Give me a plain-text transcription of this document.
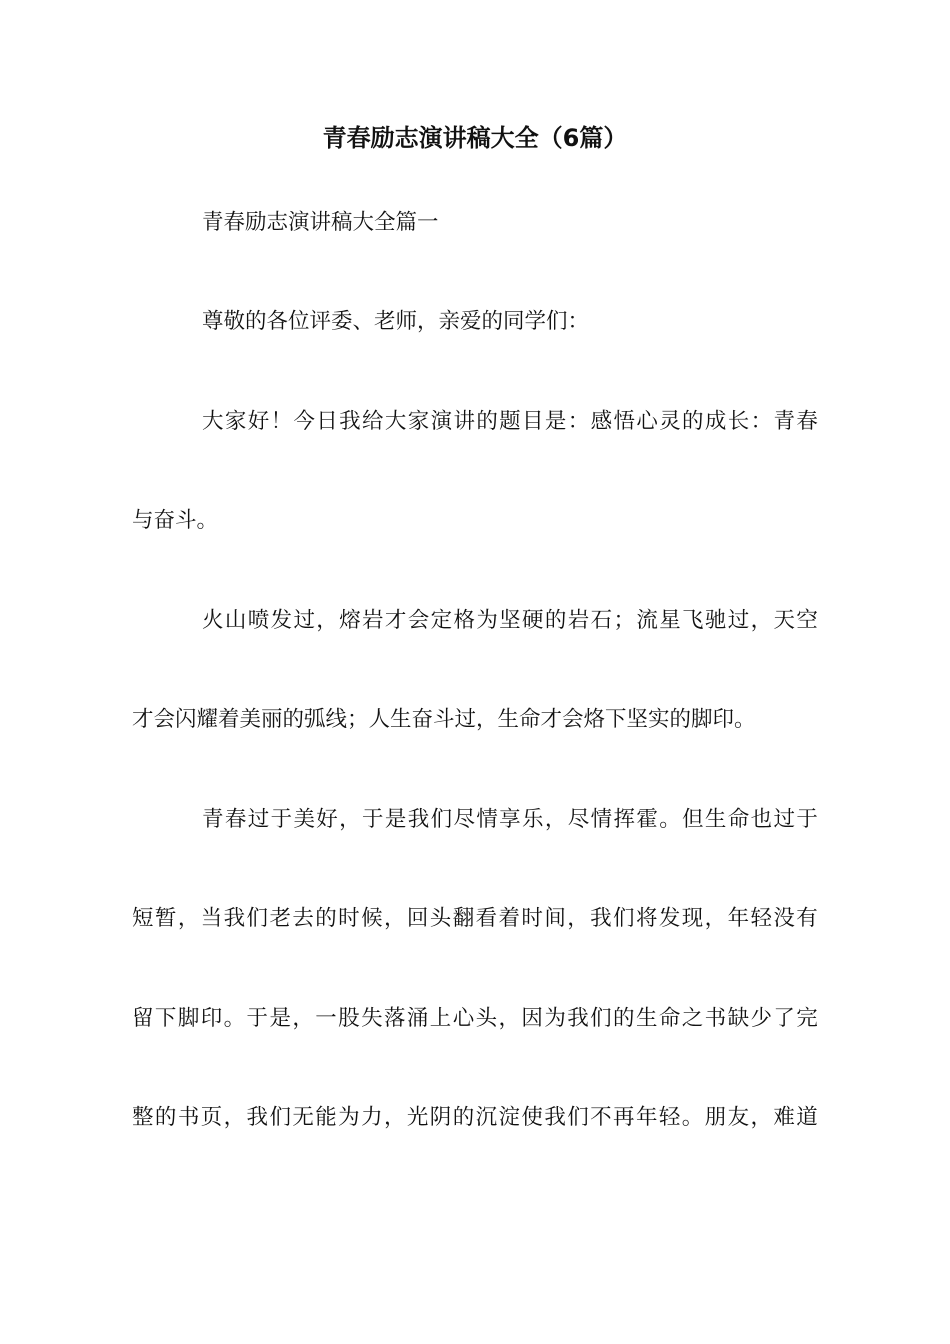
青春励志演讲稿大全（6篇）

青春励志演讲稿大全篇一

尊敬的各位评委、老师，亲爱的同学们：

大 家 好 ！ 今 日 我 给 大 家 演 讲 的 题 目 是 ： 感 悟 心 灵 的 成 长 ： 青 春

与奋斗。

火 山 喷 发 过 ， 熔 岩 才 会 定 格 为 坚 硬 的 岩 石 ； 流 星 飞 驰 过 ， 天 空

才会闪耀着美丽的弧线；人生奋斗过，生命才会烙下坚实的脚印。

青 春 过 于 美 好 ， 于 是 我 们 尽 情 享 乐 ， 尽 情 挥 霍 。 但 生 命 也 过 于

短 暂 ， 当 我 们 老 去 的 时 候 ， 回 头 翻 看 着 时 间 ， 我 们 将 发 现 ， 年 轻 没 有

留 下 脚 印 。 于 是 ， 一 股 失 落 涌 上 心 头 ， 因 为 我 们 的 生 命 之 书 缺 少 了 完

整 的 书 页 ， 我 们 无 能 为 力 ， 光 阴 的 沉 淀 使 我 们 不 再 年 轻 。 朋 友 ， 难 道
